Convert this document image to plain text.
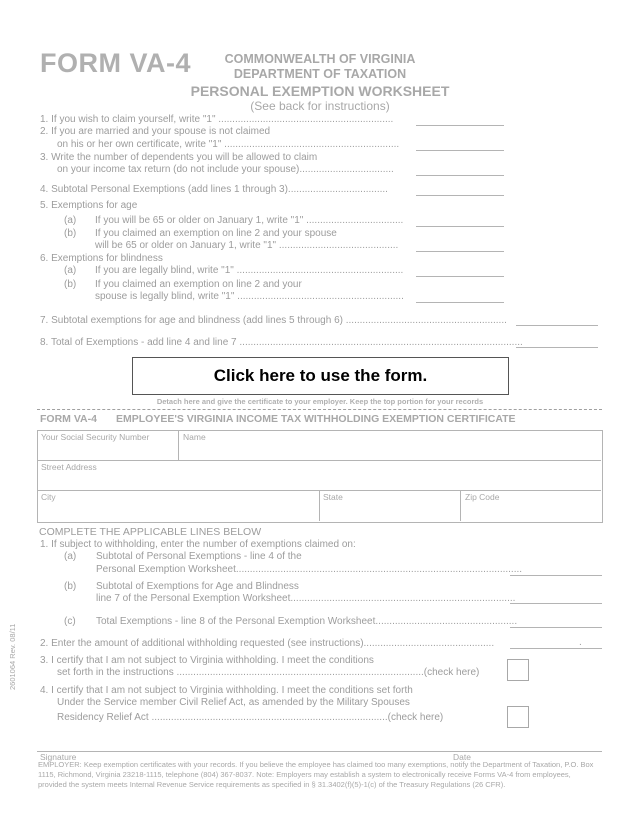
FORM VA-4	COMMONWEALTH OF VIRGINIA
DEPARTMENT OF TAXATION
PERSONAL EXEMPTION WORKSHEET
(See back for instructions)
1. If you wish to claim yourself, write "1" ...............................................................
2. If you are married and your spouse is not claimed
on his or her own certificate, write "1" ...............................................................
3. Write the number of dependents you will be allowed to claim
on your income tax return (do not include your spouse)..................................
4. Subtotal Personal Exemptions (add lines 1 through 3)....................................
5. Exemptions for age
(a) If you will be 65 or older on January 1, write "1" ...................................
(b) If you claimed an exemption on line 2 and your spouse
will be 65 or older on January 1, write "1" ...........................................
6. Exemptions for blindness
(a) If you are legally blind, write "1" ............................................................
(b) If you claimed an exemption on line 2 and your
spouse is legally blind, write "1" ............................................................
7. Subtotal exemptions for age and blindness (add lines 5 through 6) ..........................................................
8. Total of Exemptions - add line 4 and line 7 ......................................................................................................
Click here to use the form.
Detach here and give the certificate to your employer. Keep the top portion for your records
FORM VA-4 EMPLOYEE'S VIRGINIA INCOME TAX WITHHOLDING EXEMPTION CERTIFICATE
Your Social Security Number	Name
Street Address
City	State	Zip Code
COMPLETE THE APPLICABLE LINES BELOW
1. If subject to withholding, enter the number of exemptions claimed on:
(a) Subtotal of Personal Exemptions - line 4 of the
Personal Exemption Worksheet.......................................................................................................
(b) Subtotal of Exemptions for Age and Blindness
line 7 of the Personal Exemption Worksheet.................................................................................
(c) Total Exemptions - line 8 of the Personal Exemption Worksheet...................................................
2. Enter the amount of additional withholding requested (see instructions)...............................................	.
3. I certify that I am not subject to Virginia withholding. I meet the conditions
set forth in the instructions .........................................................................................(check here)
4. I certify that I am not subject to Virginia withholding. I meet the conditions set forth
Under the Service member Civil Relief Act, as amended by the Military Spouses
Residency Relief Act .....................................................................................(check here)
Signature	Date
EMPLOYER: Keep exemption certificates with your records. If you believe the employee has claimed too many exemptions, notify the Department of Taxation, P.O. Box 1115, Richmond, Virginia 23218-1115, telephone (804) 367-8037. Note: Employers may establish a system to electronically receive Forms VA-4 from employees, provided the system meets Internal Revenue Service requirements as specified in § 31.3402(f)(5)-1(c) of the Treasury Regulations (26 CFR).
2601064 Rev. 08/11
